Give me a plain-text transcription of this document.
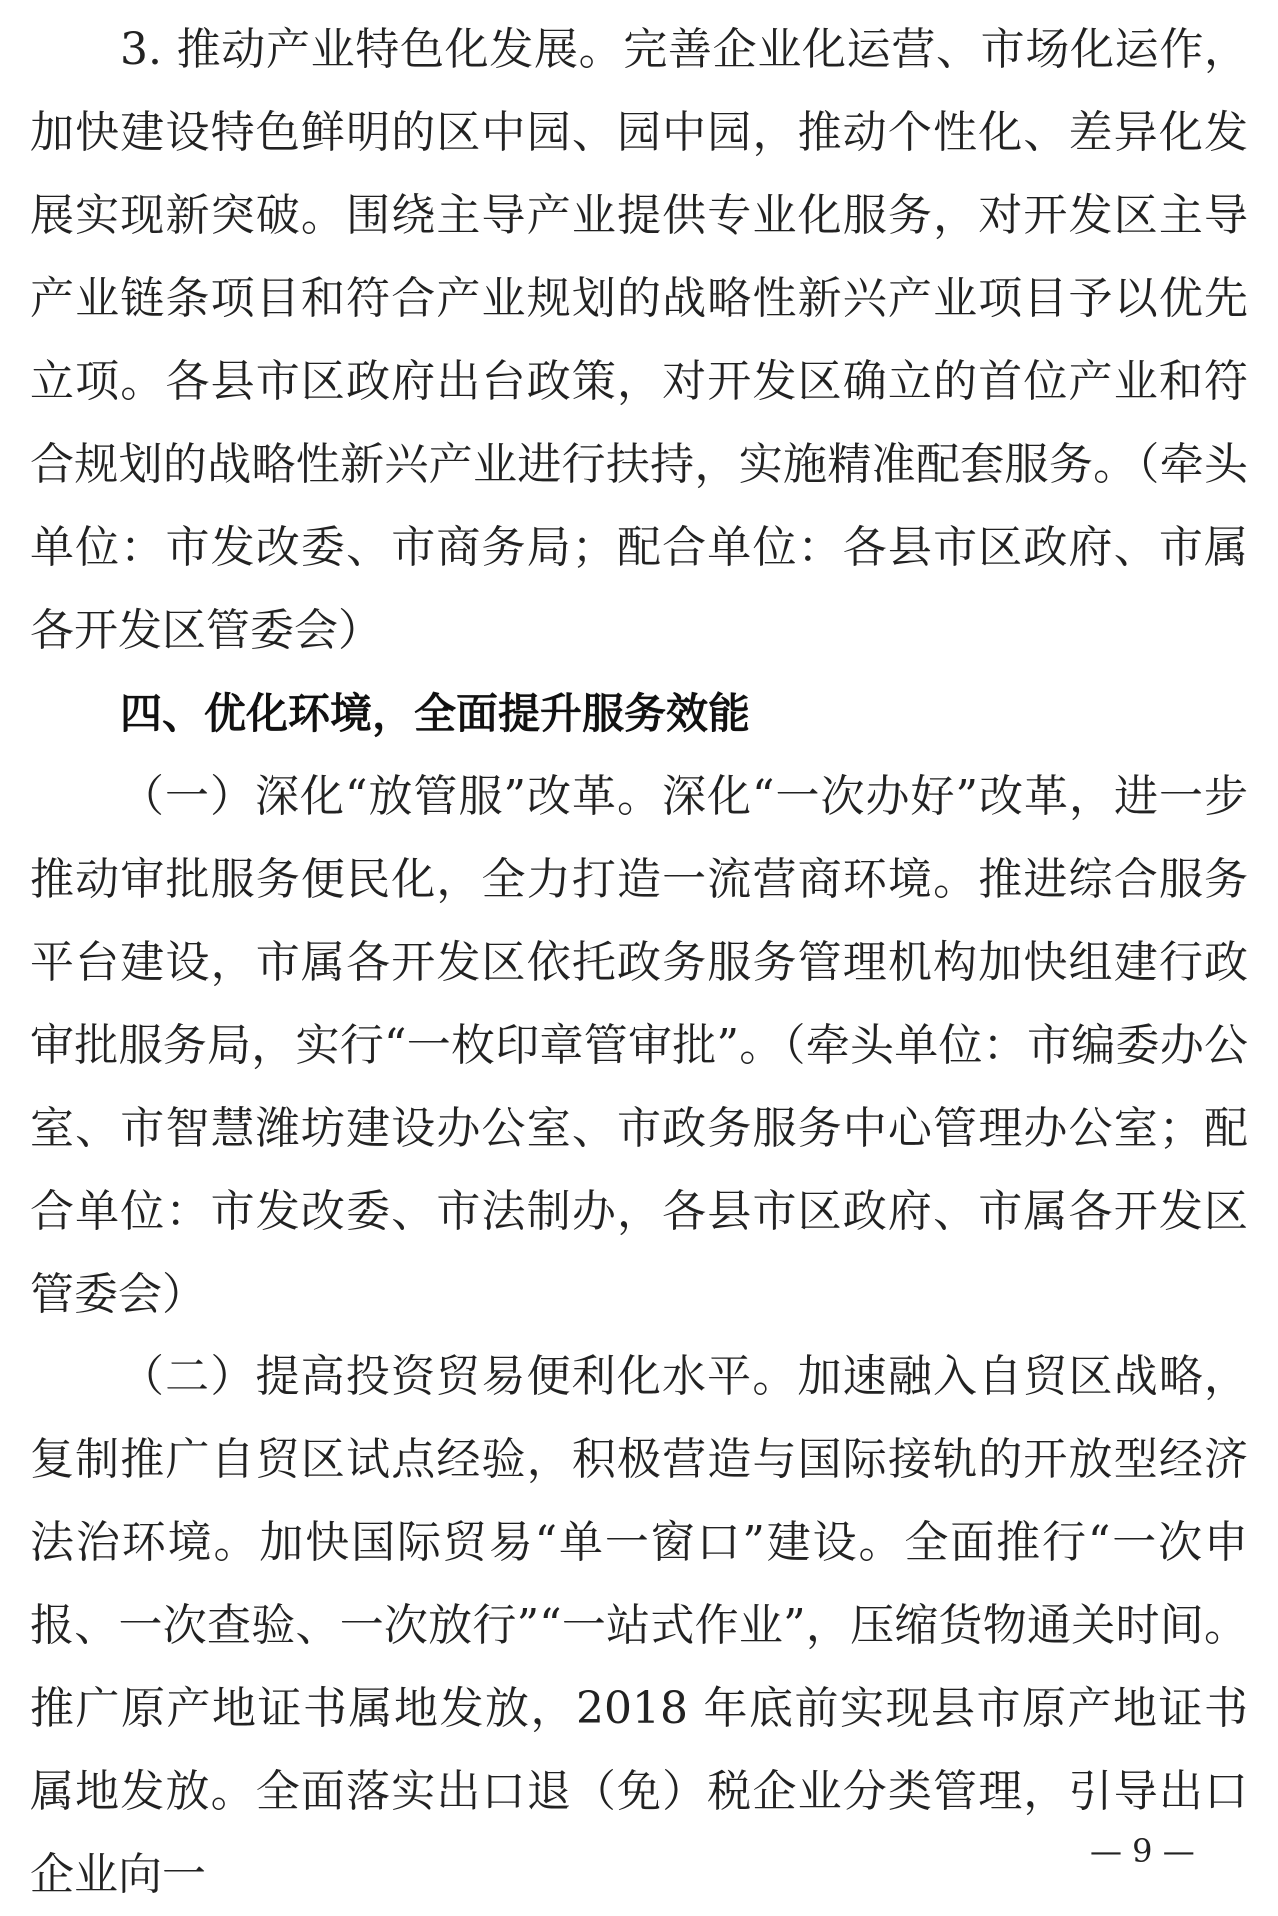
3. 推动产业特色化发展。完善企业化运营、市场化运作，加快建设特色鲜明的区中园、园中园，推动个性化、差异化发展实现新突破。围绕主导产业提供专业化服务，对开发区主导产业链条项目和符合产业规划的战略性新兴产业项目予以优先立项。各县市区政府出台政策，对开发区确立的首位产业和符合规划的战略性新兴产业进行扶持，实施精准配套服务。（牵头单位：市发改委、市商务局；配合单位：各县市区政府、市属各开发区管委会）

四、优化环境，全面提升服务效能

（一）深化“放管服”改革。深化“一次办好”改革，进一步推动审批服务便民化，全力打造一流营商环境。推进综合服务平台建设，市属各开发区依托政务服务管理机构加快组建行政审批服务局，实行“一枚印章管审批”。（牵头单位：市编委办公室、市智慧潍坊建设办公室、市政务服务中心管理办公室；配合单位：市发改委、市法制办，各县市区政府、市属各开发区管委会）

（二）提高投资贸易便利化水平。加速融入自贸区战略，复制推广自贸区试点经验，积极营造与国际接轨的开放型经济法治环境。加快国际贸易“单一窗口”建设。全面推行“一次申报、一次查验、一次放行”“一站式作业”，压缩货物通关时间。推广原产地证书属地发放，2018 年底前实现县市原产地证书属地发放。全面落实出口退（免）税企业分类管理，引导出口企业向一	— 9 —
